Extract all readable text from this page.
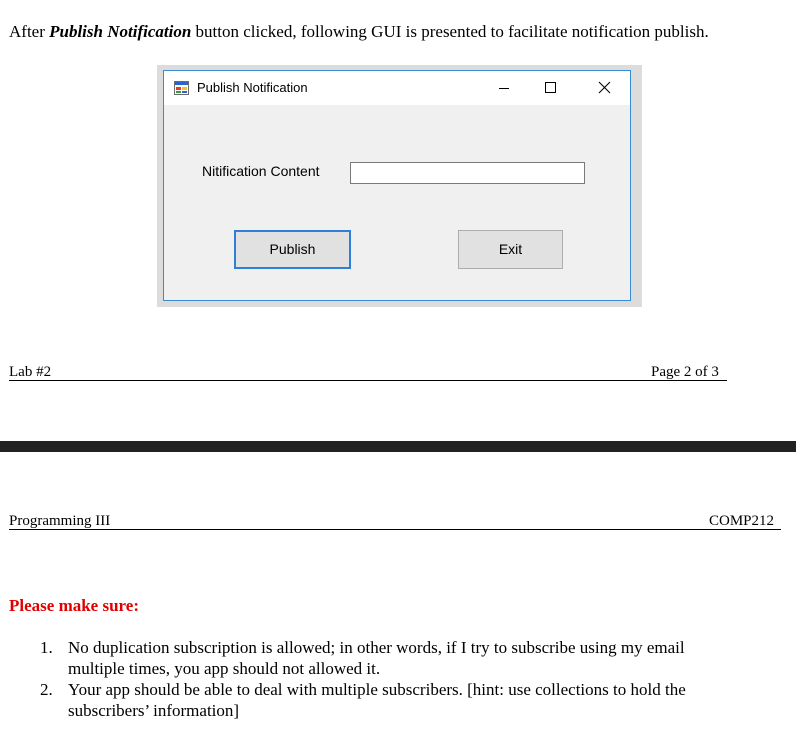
After Publish Notification button clicked, following GUI is presented to facilitate notification publish.
Publish Notification
Nitification Content
Publish	Exit
Lab #2	Page 2 of 3
Programming III	COMP212
Please make sure:
1. No duplication subscription is allowed; in other words, if I try to subscribe using my email
multiple times, you app should not allowed it.
2. Your app should be able to deal with multiple subscribers. [hint: use collections to hold the
subscribers’ information]
